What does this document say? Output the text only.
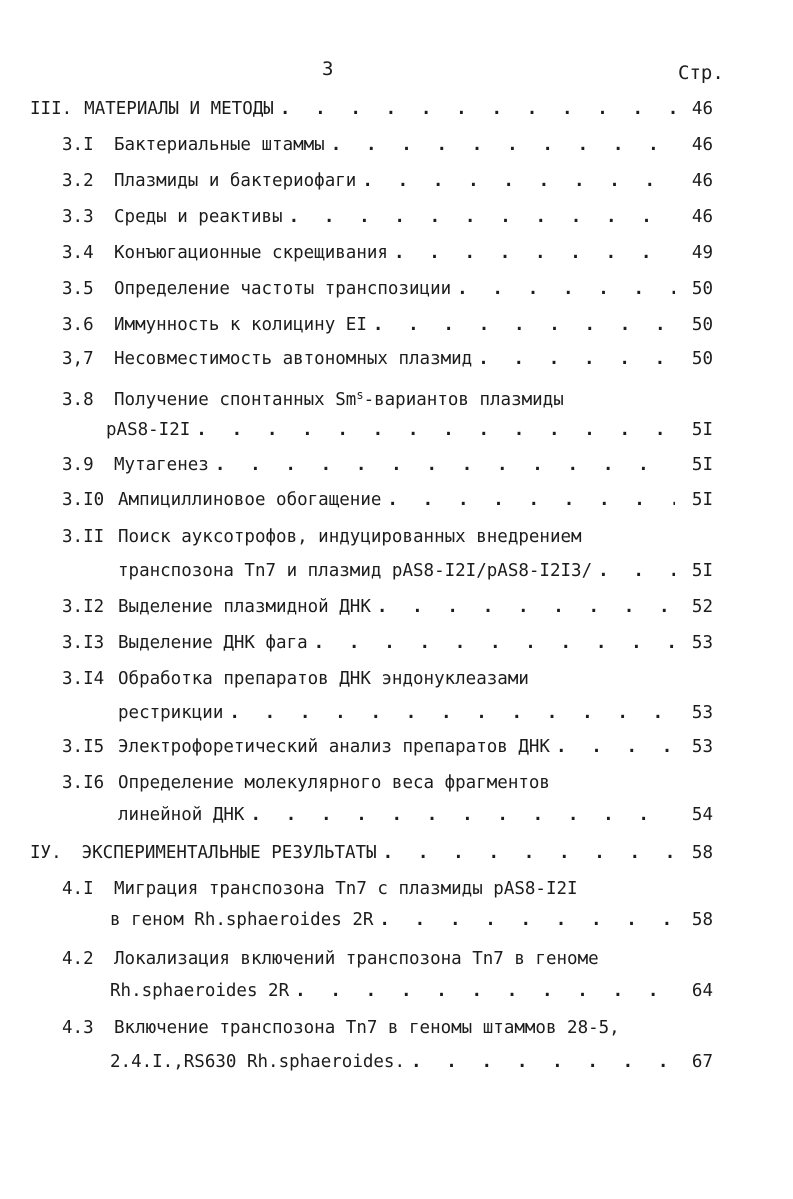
3	Стр.
III. МАТЕРИАЛЫ И МЕТОДЫ . . .	46
3.I	Бактериальные штаммы . . .	46
3.2	Плазмиды и бактериофаги . . .	46
3.3	Среды и реактивы . . .	46
3.4	Конъюгационные скрещивания . . .	49
3.5	Определение частоты транспозиции . . .	50
3.6	Иммунность к колицину EI . . .	50
3,7	Несовместимость автономных плазмид . . .	50
3.8	Получение спонтанных Sm$^s$-вариантов плазмиды
pAS8-I2I . . .	5I
3.9	Мутагенез . . .	5I
3.I0 Ампициллиновое обогащение . . .	5I
3.II Поиск ауксотрофов, индуцированных внедрением
транспозона Tn7 и плазмид pAS8-I2I/pAS8-I2I3/ . . .	5I
3.I2 Выделение плазмидной ДНК . . .	52
3.I3 Выделение ДНК фага . . .	53
3.I4 Обработка препаратов ДНК эндонуклеазами
рестрикции . . .	53
3.I5 Электрофоретический анализ препаратов ДНК . . .	53
3.I6 Определение молекулярного веса фрагментов
линейной ДНК . . .	54
IУ. ЭКСПЕРИМЕНТАЛЬНЫЕ РЕЗУЛЬТАТЫ . . .	58
4.I	Миграция транспозона Tn7 с плазмиды pAS8-I2I
в геном Rh.sphaeroides 2R . . .	58
4.2	Локализация включений транспозона Tn7 в геноме
Rh.sphaeroides 2R . . .	64
4.3	Включение транспозона Tn7 в геномы штаммов 28-5,
2.4.I.,RS630 Rh.sphaeroides. . . .	67
